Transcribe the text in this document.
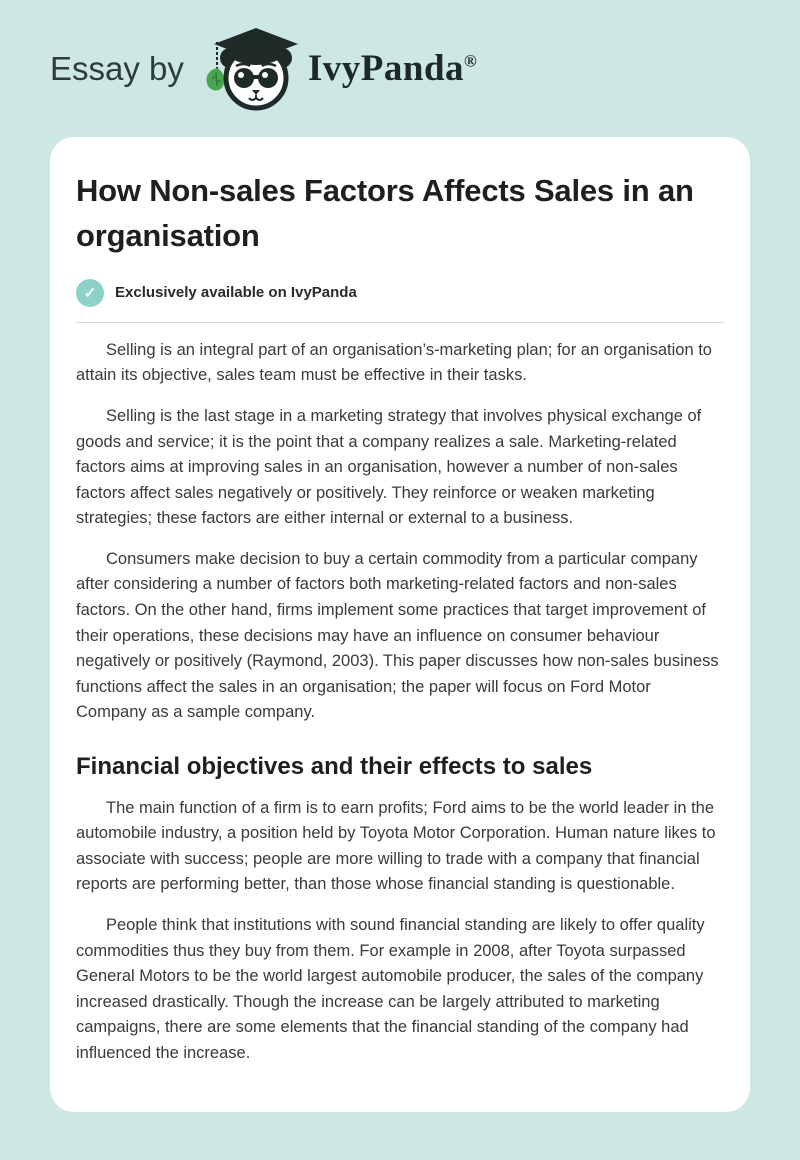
Essay by	IvyPanda®
How Non-sales Factors Affects Sales in an organisation
✓	Exclusively available on IvyPanda

Selling is an integral part of an organisation’s-marketing plan; for an organisation to attain its objective, sales team must be effective in their tasks.

Selling is the last stage in a marketing strategy that involves physical exchange of goods and service; it is the point that a company realizes a sale. Marketing-related factors aims at improving sales in an organisation, however a number of non-sales factors affect sales negatively or positively. They reinforce or weaken marketing strategies; these factors are either internal or external to a business.

Consumers make decision to buy a certain commodity from a particular company after considering a number of factors both marketing-related factors and non-sales factors. On the other hand, firms implement some practices that target improvement of their operations, these decisions may have an influence on consumer behaviour negatively or positively (Raymond, 2003). This paper discusses how non-sales business functions affect the sales in an organisation; the paper will focus on Ford Motor Company as a sample company.

Financial objectives and their effects to sales

The main function of a firm is to earn profits; Ford aims to be the world leader in the automobile industry, a position held by Toyota Motor Corporation. Human nature likes to associate with success; people are more willing to trade with a company that financial reports are performing better, than those whose financial standing is questionable.

People think that institutions with sound financial standing are likely to offer quality commodities thus they buy from them. For example in 2008, after Toyota surpassed General Motors to be the world largest automobile producer, the sales of the company increased drastically. Though the increase can be largely attributed to marketing campaigns, there are some elements that the financial standing of the company had influenced the increase.
